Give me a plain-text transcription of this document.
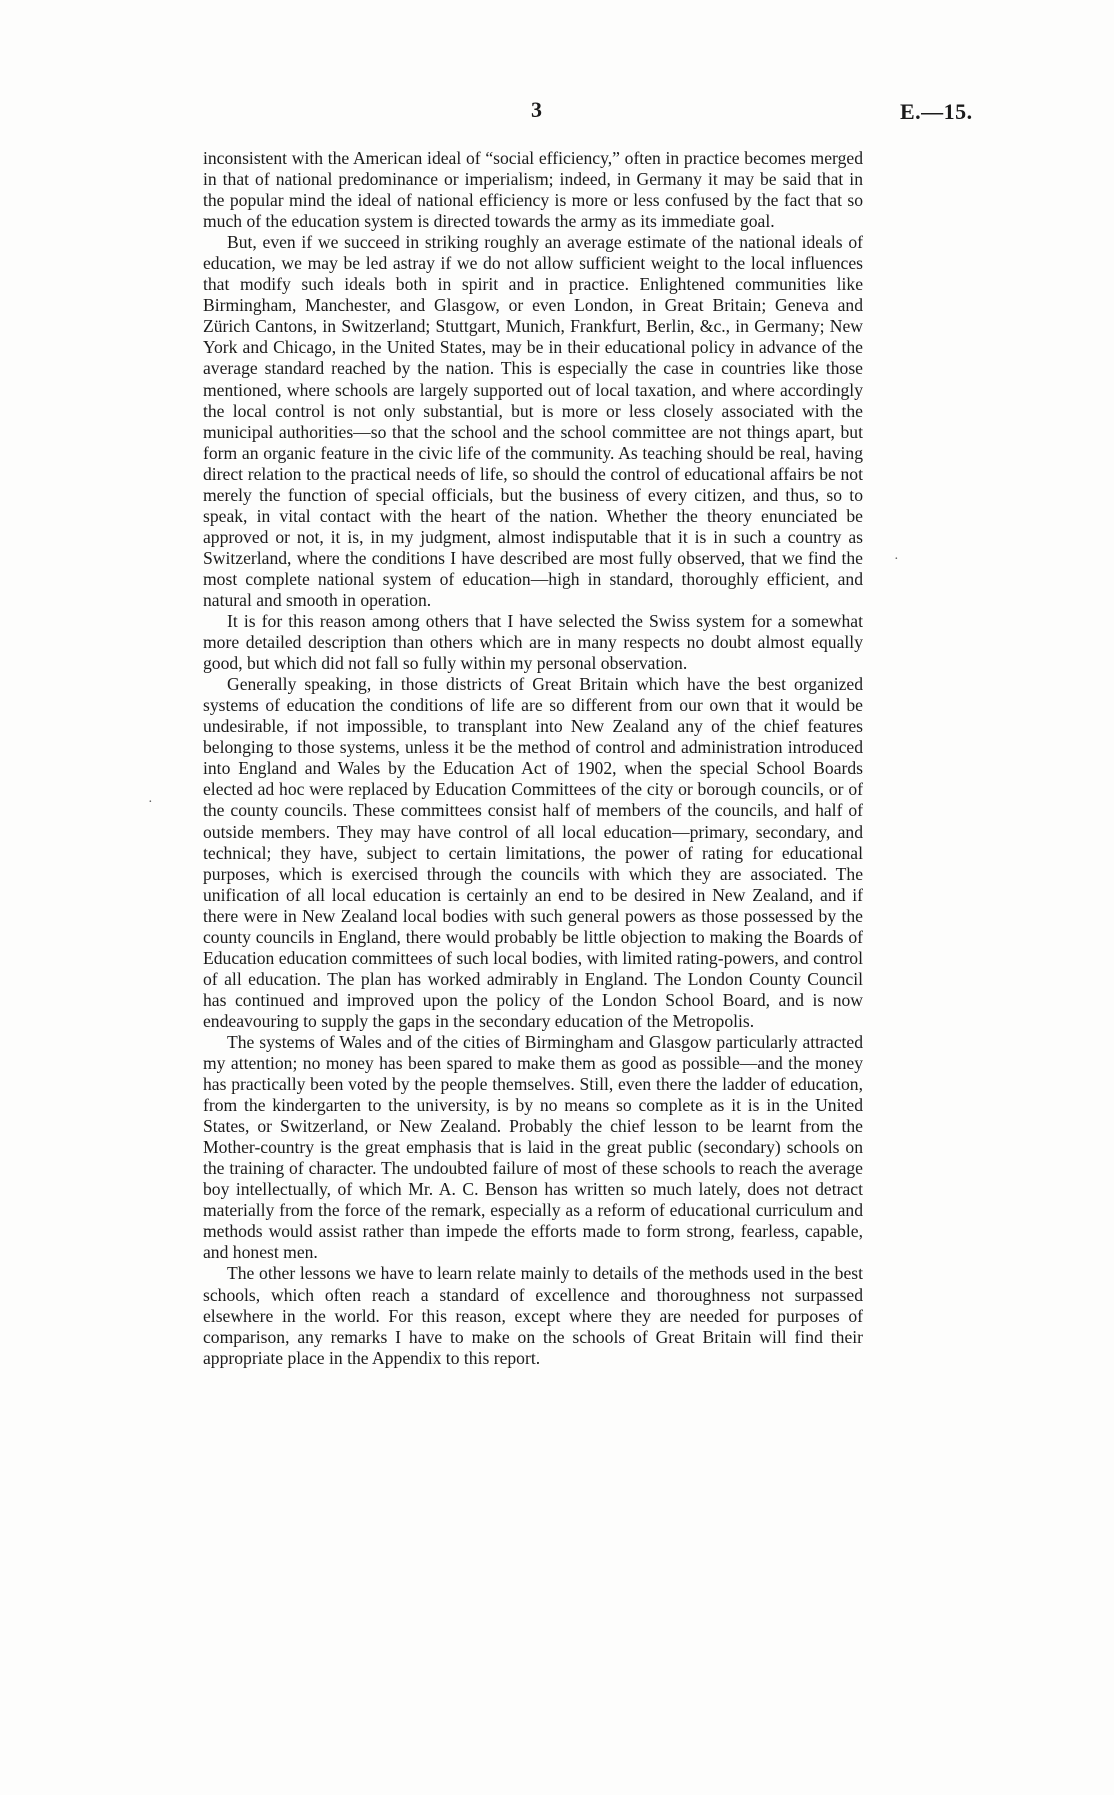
3	E.—15.
·
·

inconsistent with the American ideal of “social efficiency,” often in practice becomes merged in that of national predominance or imperialism; indeed, in Germany it may be said that in the popular mind the ideal of national efficiency is more or less confused by the fact that so much of the education system is directed towards the army as its immediate goal.

But, even if we succeed in striking roughly an average estimate of the national ideals of education, we may be led astray if we do not allow sufficient weight to the local influences that modify such ideals both in spirit and in practice. Enlightened communities like Birmingham, Manchester, and Glasgow, or even London, in Great Britain; Geneva and Zürich Cantons, in Switzerland; Stuttgart, Munich, Frankfurt, Berlin, &c., in Germany; New York and Chicago, in the United States, may be in their educational policy in advance of the average standard reached by the nation. This is especially the case in countries like those mentioned, where schools are largely supported out of local taxation, and where accordingly the local control is not only substantial, but is more or less closely associated with the municipal authorities—so that the school and the school committee are not things apart, but form an organic feature in the civic life of the community. As teaching should be real, having direct relation to the practical needs of life, so should the control of educational affairs be not merely the function of special officials, but the business of every citizen, and thus, so to speak, in vital contact with the heart of the nation. Whether the theory enunciated be approved or not, it is, in my judgment, almost indisputable that it is in such a country as Switzerland, where the conditions I have described are most fully observed, that we find the most complete national system of education—high in standard, thoroughly efficient, and natural and smooth in operation.

It is for this reason among others that I have selected the Swiss system for a somewhat more detailed description than others which are in many respects no doubt almost equally good, but which did not fall so fully within my personal observation.

Generally speaking, in those districts of Great Britain which have the best organized systems of education the conditions of life are so different from our own that it would be undesirable, if not impossible, to transplant into New Zealand any of the chief features belonging to those systems, unless it be the method of control and administration introduced into England and Wales by the Education Act of 1902, when the special School Boards elected ad hoc were replaced by Education Committees of the city or borough councils, or of the county councils. These committees consist half of members of the councils, and half of outside members. They may have control of all local education—primary, secondary, and technical; they have, subject to certain limitations, the power of rating for educational purposes, which is exercised through the councils with which they are associated. The unification of all local education is certainly an end to be desired in New Zealand, and if there were in New Zealand local bodies with such general powers as those possessed by the county councils in England, there would probably be little objection to making the Boards of Education education committees of such local bodies, with limited rating-powers, and control of all education. The plan has worked admirably in England. The London County Council has continued and improved upon the policy of the London School Board, and is now endeavouring to supply the gaps in the secondary education of the Metropolis.

The systems of Wales and of the cities of Birmingham and Glasgow particularly attracted my attention; no money has been spared to make them as good as possible—and the money has practically been voted by the people themselves. Still, even there the ladder of education, from the kindergarten to the university, is by no means so complete as it is in the United States, or Switzerland, or New Zealand. Probably the chief lesson to be learnt from the Mother-country is the great emphasis that is laid in the great public (secondary) schools on the training of character. The undoubted failure of most of these schools to reach the average boy intellectually, of which Mr. A. C. Benson has written so much lately, does not detract materially from the force of the remark, especially as a reform of educational curriculum and methods would assist rather than impede the efforts made to form strong, fearless, capable, and honest men.

The other lessons we have to learn relate mainly to details of the methods used in the best schools, which often reach a standard of excellence and thoroughness not surpassed elsewhere in the world. For this reason, except where they are needed for purposes of comparison, any remarks I have to make on the schools of Great Britain will find their appropriate place in the Appendix to this report.
